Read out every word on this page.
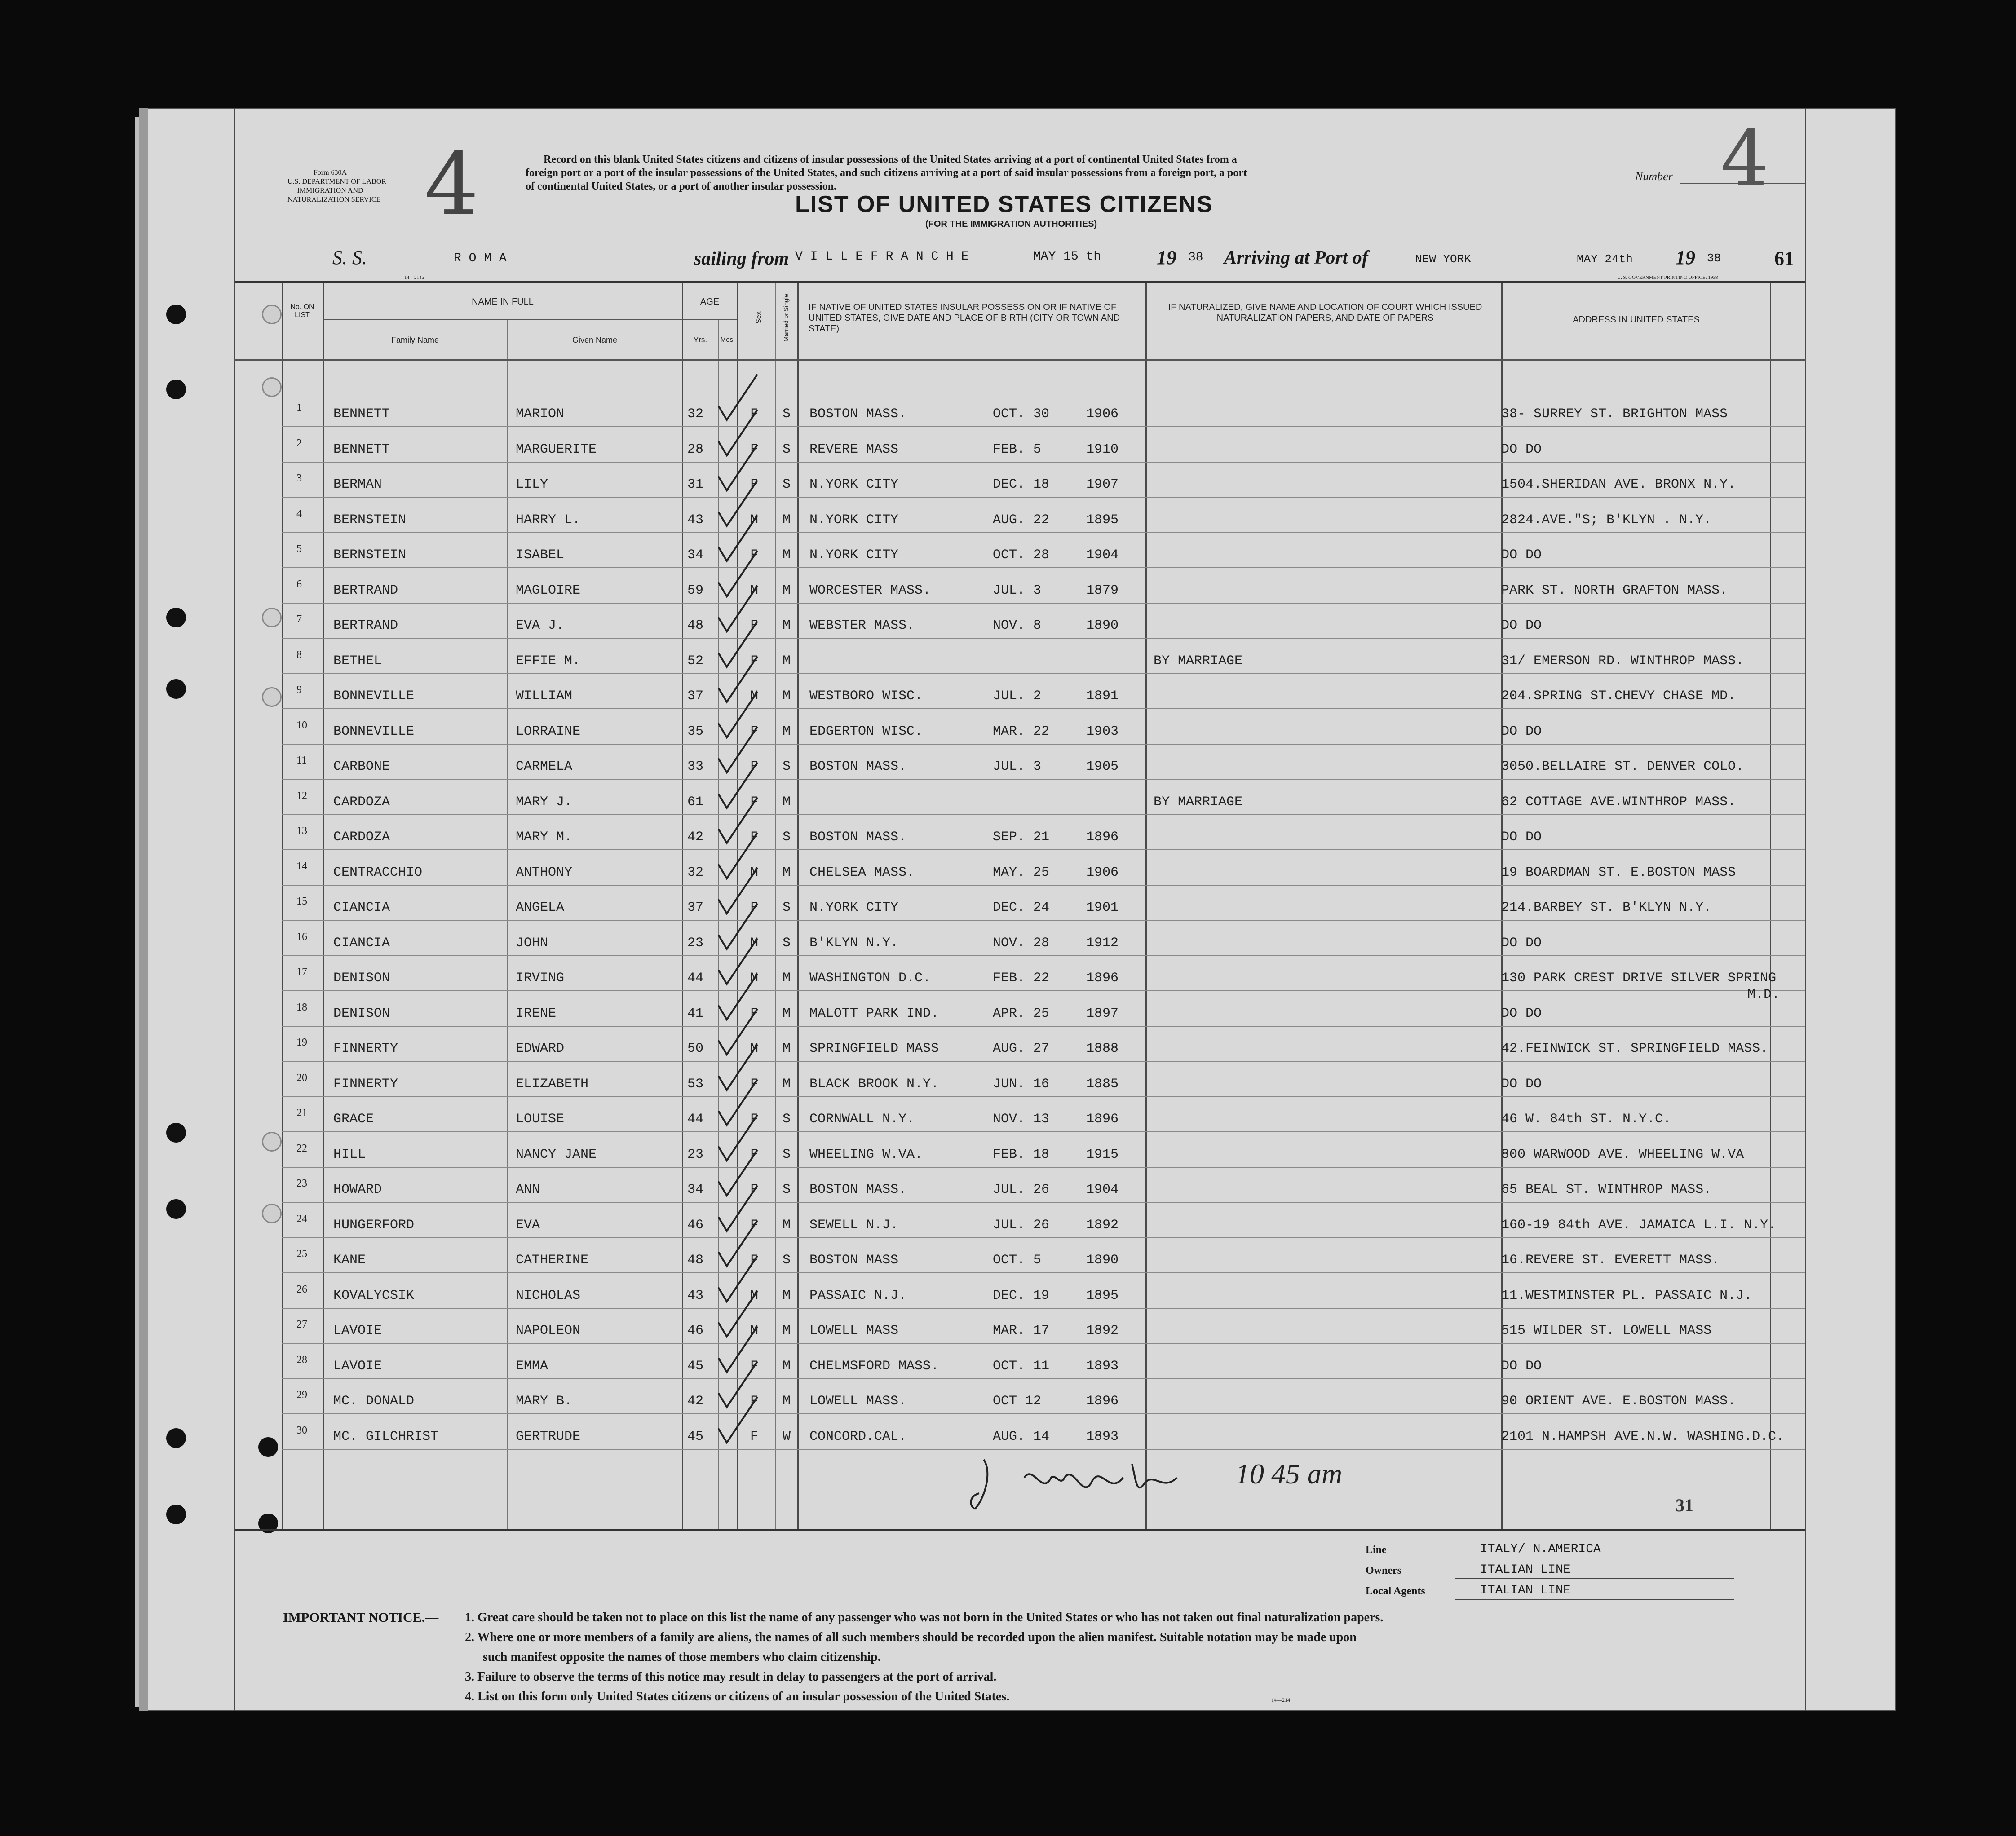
Form 630A
U.S. DEPARTMENT OF LABOR
IMMIGRATION AND
NATURALIZATION SERVICE 4	Record on this blank United States citizens and citizens of insular possessions of the United States arriving at a port of continental United States from a
foreign port or a port of the insular possessions of the United States, and such citizens arriving at a port of said insular possessions from a foreign port, a port
of continental United States, or a port of another insular possession.
Number 4
LIST OF UNITED STATES CITIZENS
(FOR THE IMMIGRATION AUTHORITIES)
S. S.	R O M A	sailing from V I L L E F R A N C H E	MAY 15 th	19 38 Arriving at Port of	NEW YORK	MAY 24th 19 38	61
14—214a	U. S. GOVERNMENT PRINTING OFFICE: 1938
No. ON LIST
NAME IN FULL
Family Name	Given Name
AGE
Yrs.	Mos.
Sex	Married or Single IF NATIVE OF UNITED STATES INSULAR POSSESSION OR IF NATIVE OF UNITED STATES, GIVE DATE AND PLACE OF BIRTH (CITY OR TOWN AND STATE)
IF NATURALIZED, GIVE NAME AND LOCATION OF COURT WHICH ISSUED NATURALIZATION PAPERS, AND DATE OF PAPERS	ADDRESS IN UNITED STATES
1 BENNETT	MARION	32	F S BOSTON MASS.	OCT. 30	1906	38- SURREY ST. BRIGHTON MASS
2 BENNETT	MARGUERITE	28	F S REVERE MASS	FEB. 5	1910	DO DO
3 BERMAN	LILY	31	F S N.YORK CITY	DEC. 18	1907	1504.SHERIDAN AVE. BRONX N.Y.
4 BERNSTEIN	HARRY L.	43	M M N.YORK CITY	AUG. 22	1895	2824.AVE."S; B'KLYN . N.Y.
5 BERNSTEIN	ISABEL	34	F M N.YORK CITY	OCT. 28	1904	DO DO
6 BERTRAND	MAGLOIRE	59	M M WORCESTER MASS.	JUL. 3	1879	PARK ST. NORTH GRAFTON MASS.
7 BERTRAND	EVA J.	48	F M WEBSTER MASS.	NOV. 8	1890	DO DO
8 BETHEL	EFFIE M.	52	F M	BY MARRIAGE	31/ EMERSON RD. WINTHROP MASS.
9 BONNEVILLE	WILLIAM	37	M M WESTBORO WISC.	JUL. 2	1891	204.SPRING ST.CHEVY CHASE MD.
10 BONNEVILLE	LORRAINE	35	F M EDGERTON WISC.	MAR. 22	1903	DO DO
11 CARBONE	CARMELA	33	F S BOSTON MASS.	JUL. 3	1905	3050.BELLAIRE ST. DENVER COLO.
12 CARDOZA	MARY J.	61	F M	BY MARRIAGE	62 COTTAGE AVE.WINTHROP MASS.
13 CARDOZA	MARY M.	42	F S BOSTON MASS.	SEP. 21	1896	DO DO
14 CENTRACCHIO	ANTHONY	32	M M CHELSEA MASS.	MAY. 25	1906	19 BOARDMAN ST. E.BOSTON MASS
15 CIANCIA	ANGELA	37	F S N.YORK CITY	DEC. 24	1901	214.BARBEY ST. B'KLYN N.Y.
16 CIANCIA	JOHN	23	M S B'KLYN N.Y.	NOV. 28	1912	DO DO
17 DENISON	IRVING	44	M M WASHINGTON D.C.	FEB. 22	1896	130 PARK CREST DRIVE SILVER SPRING
18 DENISON	IRENE	41	F M MALOTT PARK IND.	APR. 25	1897	DO DO
19 FINNERTY	EDWARD	50	M M SPRINGFIELD MASS	AUG. 27	1888	42.FEINWICK ST. SPRINGFIELD MASS.
20 FINNERTY	ELIZABETH	53	F M BLACK BROOK N.Y.	JUN. 16	1885	DO DO
21 GRACE	LOUISE	44	F S CORNWALL N.Y.	NOV. 13	1896	46 W. 84th ST. N.Y.C.
22 HILL	NANCY JANE	23	F S WHEELING W.VA.	FEB. 18	1915	800 WARWOOD AVE. WHEELING W.VA
23 HOWARD	ANN	34	F S BOSTON MASS.	JUL. 26	1904	65 BEAL ST. WINTHROP MASS.
24 HUNGERFORD	EVA	46	F M SEWELL N.J.	JUL. 26	1892	160-19 84th AVE. JAMAICA L.I. N.Y.
25 KANE	CATHERINE	48	F S BOSTON MASS	OCT. 5	1890	16.REVERE ST. EVERETT MASS.
26 KOVALYCSIK	NICHOLAS	43	M M PASSAIC N.J.	DEC. 19	1895	11.WESTMINSTER PL. PASSAIC N.J.
27 LAVOIE	NAPOLEON	46	M M LOWELL MASS	MAR. 17	1892	515 WILDER ST. LOWELL MASS
28 LAVOIE	EMMA	45	F M CHELMSFORD MASS.	OCT. 11	1893	DO DO
29 MC. DONALD	MARY B.	42	F M LOWELL MASS.	OCT 12	1896	90 ORIENT AVE. E.BOSTON MASS.
30 MC. GILCHRIST	GERTRUDE	45	F W CONCORD.CAL.	AUG. 14	1893	2101 N.HAMPSH AVE.N.W. WASHING.D.C.
M.D.
10 45 am
31
Line	ITALY/ N.AMERICA
Owners	ITALIAN LINE
Local Agents	ITALIAN LINE
IMPORTANT NOTICE.— 1. Great care should be taken not to place on this list the name of any passenger who was not born in the United States or who has not taken out final naturalization papers.
2. Where one or more members of a family are aliens, the names of all such members should be recorded upon the alien manifest. Suitable notation may be made upon
such manifest opposite the names of those members who claim citizenship.
3. Failure to observe the terms of this notice may result in delay to passengers at the port of arrival.
4. List on this form only United States citizens or citizens of an insular possession of the United States.	14—214
